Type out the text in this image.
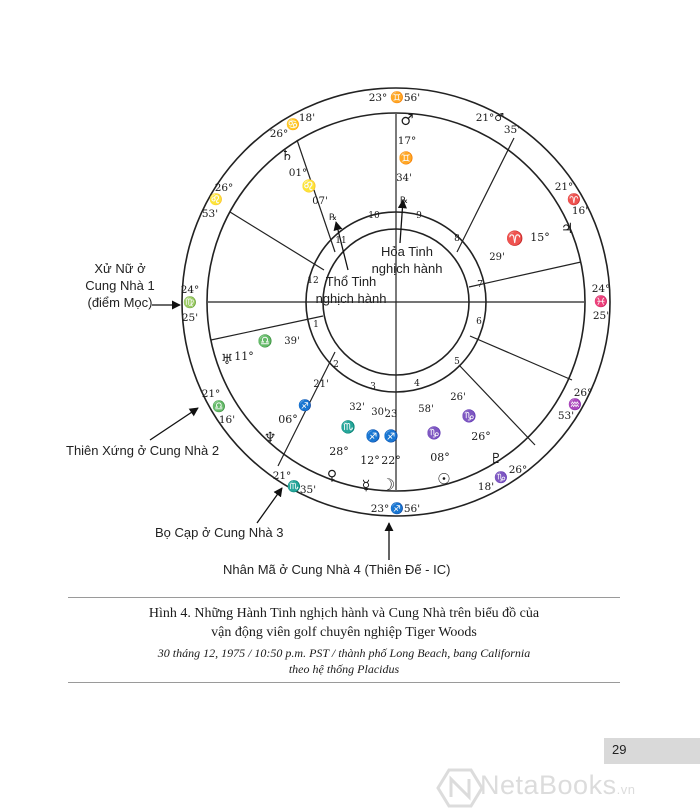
23° ♊ 56'
21° ♂
35'
21°
♈
16'
24°
♓
25'
26°
♒
53'
26°
♑
18'
23° ♐ 56'
21°
♏ 35'
21°
♎
16'
24°
♍
25'
26°
♌
53'
26°
♋ 18'
1
2
3	4
5
6
7
8
9
10
11
12
♂
17°
♊
34'
℞
♄
01°
♌
07'
℞
♈ 15°
♃
29'
♅ 11°
♎ 39'
♆
06°
♐
21'
♀
28°
♏
32'
☿
12°
♐
☽
22°
♐
23
30'
☉
08°
♑
58'
26°
♑
26'
♇
Xử Nữ ở
Cung Nhà 1
(điểm Mọc)
Thiên Xứng ở Cung Nhà 2
Bọ Cạp ở Cung Nhà 3
Nhân Mã ở Cung Nhà 4 (Thiên Đế - IC)
Hỏa Tinh
nghịch hành
Thổ Tinh
nghịch hành
Hình 4. Những Hành Tinh nghịch hành và Cung Nhà trên biểu đồ của
vận động viên golf chuyên nghiệp Tiger Woods
30 tháng 12, 1975 / 10:50 p.m. PST / thành phố Long Beach, bang California
theo hệ thống Placidus
29
NetaBooks.vn
